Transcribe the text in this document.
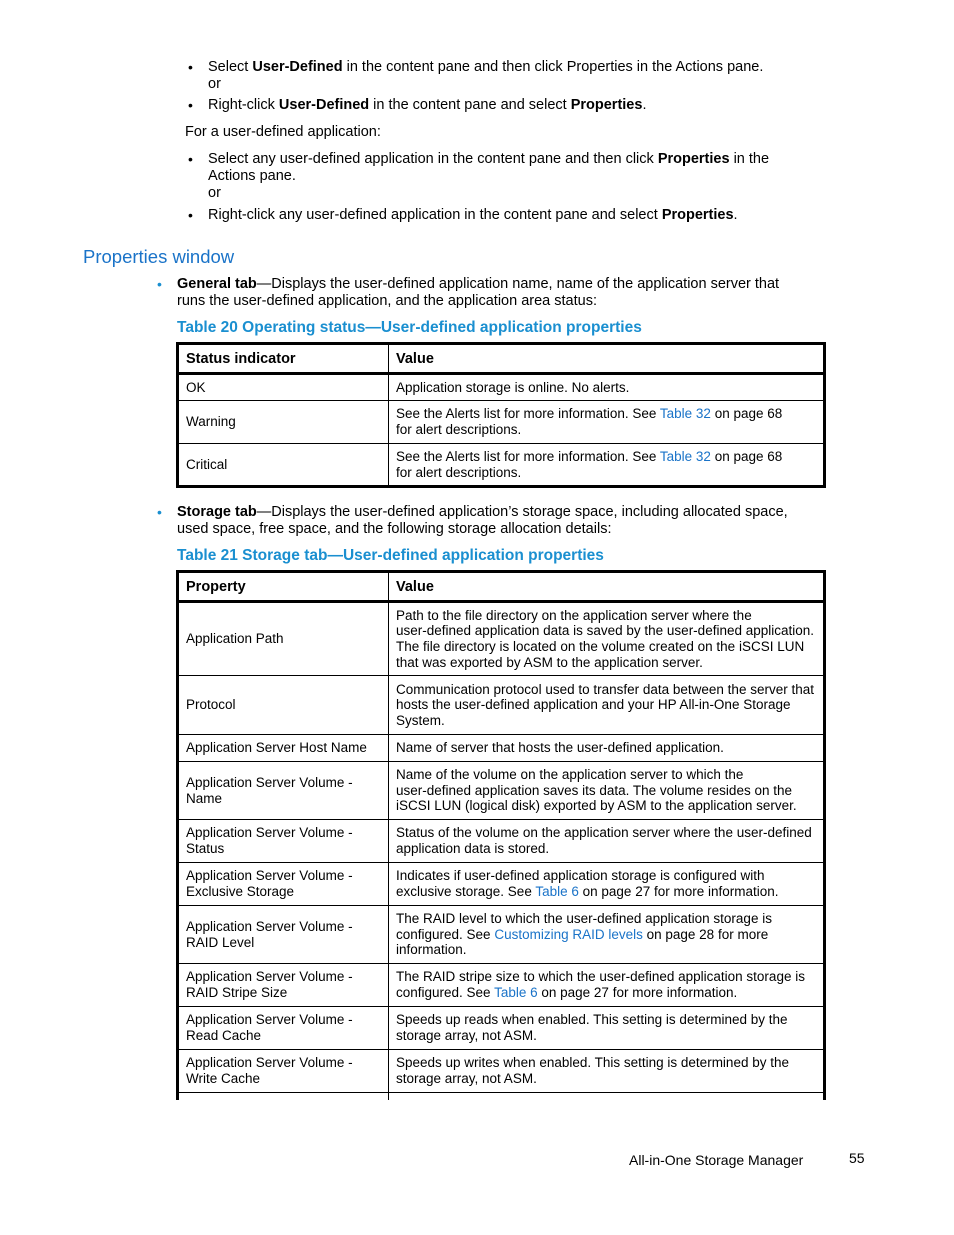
• Select User-Defined in the content pane and then click Properties in the Actions pane.
or
• Right-click User-Defined in the content pane and select Properties.
For a user-defined application:
• Select any user-defined application in the content pane and then click Properties in the
Actions pane.
or
• Right-click any user-defined application in the content pane and select Properties.
Properties window
• General tab—Displays the user-defined application name, name of the application server that
runs the user-defined application, and the application area status:
Table 20 Operating status—User-defined application properties
Status indicator	Value
OK	Application storage is online. No alerts.
Warning	See the Alerts list for more information. See Table 32 on page 68
for alert descriptions.

Critical	See the Alerts list for more information. See Table 32 on page 68
for alert descriptions.
• Storage tab—Displays the user-defined application’s storage space, including allocated space,
used space, free space, and the following storage allocation details:
Table 21 Storage tab—User-defined application properties
Property	Value
Application Path	Path to the file directory on the application server where the
user-defined application data is saved by the user-defined application.
The file directory is located on the volume created on the iSCSI LUN
that was exported by ASM to the application server.

Protocol	Communication protocol used to transfer data between the server that
hosts the user-defined application and your HP All-in-One Storage
System.

Application Server Host Name	Name of server that hosts the user-defined application.

Application Server Volume -
Name	Name of the volume on the application server to which the
user-defined application saves its data. The volume resides on the
iSCSI LUN (logical disk) exported by ASM to the application server.

Application Server Volume -
Status	Status of the volume on the application server where the user-defined
application data is stored.

Application Server Volume -
Exclusive Storage	Indicates if user-defined application storage is configured with
exclusive storage. See Table 6 on page 27 for more information.

Application Server Volume -
RAID Level	The RAID level to which the user-defined application storage is
configured. See Customizing RAID levels on page 28 for more
information.

Application Server Volume -
RAID Stripe Size	The RAID stripe size to which the user-defined application storage is
configured. See Table 6 on page 27 for more information.

Application Server Volume -
Read Cache	Speeds up reads when enabled. This setting is determined by the
storage array, not ASM.

Application Server Volume -
Write Cache	Speeds up writes when enabled. This setting is determined by the
storage array, not ASM.

All-in-One Storage Manager	55
